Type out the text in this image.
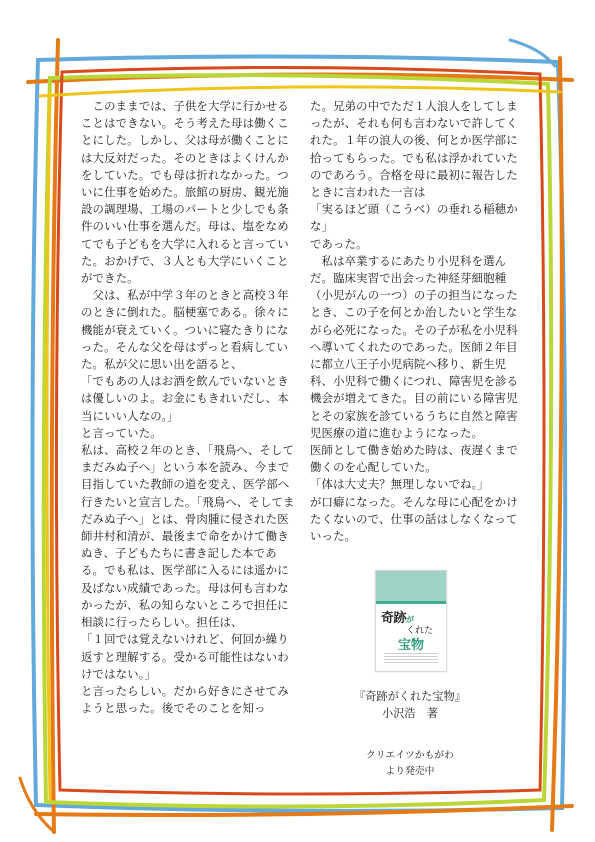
　このままでは、子供を大学に行かせることはできない。そう考えた母は働くことにした。しかし、父は母が働くことには大反対だった。そのときはよくけんかをしていた。でも母は折れなかった。ついに仕事を始めた。旅館の厨房、観光施設の調理場、工場のパートと少しでも条件のいい仕事を選んだ。母は、塩をなめてでも子どもを大学に入れると言っていた。おかげで、３人とも大学にいくことができた。

　父は、私が中学３年のときと高校３年のときに倒れた。脳梗塞である。徐々に機能が衰えていく。ついに寝たきりになった。そんな父を母はずっと看病していた。私が父に思い出を語ると、

「でもあの人はお酒を飲んでいないときは優しいのよ。お金にもきれいだし、本当にいい人なの。」

と言っていた。

私は、高校２年のとき、「飛鳥へ、そしてまだみぬ子へ」という本を読み、今まで目指していた教師の道を変え、医学部へ行きたいと宣言した。「飛鳥へ、そしてまだみぬ子へ」とは、骨肉腫に侵された医師井村和清が、最後まで命をかけて働きぬき、子どもたちに書き記した本である。でも私は、医学部に入るには遥かに及ばない成績であった。母は何も言わなかったが、私の知らないところで担任に相談に行ったらしい。担任は、

「１回では覚えないけれど、何回か繰り返すと理解する。受かる可能性はないわけではない。」

と言ったらしい。だから好きにさせてみようと思った。後でそのことを知っ

た。兄弟の中でただ１人浪人をしてしまったが、それも何も言わないで許してくれた。１年の浪人の後、何とか医学部に拾ってもらった。でも私は浮かれていたのであろう。合格を母に最初に報告したときに言われた一言は

「実るほど頭（こうべ）の垂れる稲穂かな」

であった。

　私は卒業するにあたり小児科を選んだ。臨床実習で出会った神経芽細胞種（小児がんの一つ）の子の担当になったとき、この子を何とか治したいと学生ながら必死になった。その子が私を小児科へ導いてくれたのであった。医師２年目に都立八王子小児病院へ移り、新生児科、小児科で働くにつれ、障害児を診る機会が増えてきた。目の前にいる障害児とその家族を診ているうちに自然と障害児医療の道に進むようになった。

医師として働き始めた時は、夜遅くまで働くのを心配していた。

「体は大丈夫？無理しないでね。」

が口癖になった。そんな母に心配をかけたくないので、仕事の話はしなくなっていった。

奇跡が
くれた
宝物
『奇跡がくれた宝物』
小沢浩　著
クリエイツかもがわ
より発売中
